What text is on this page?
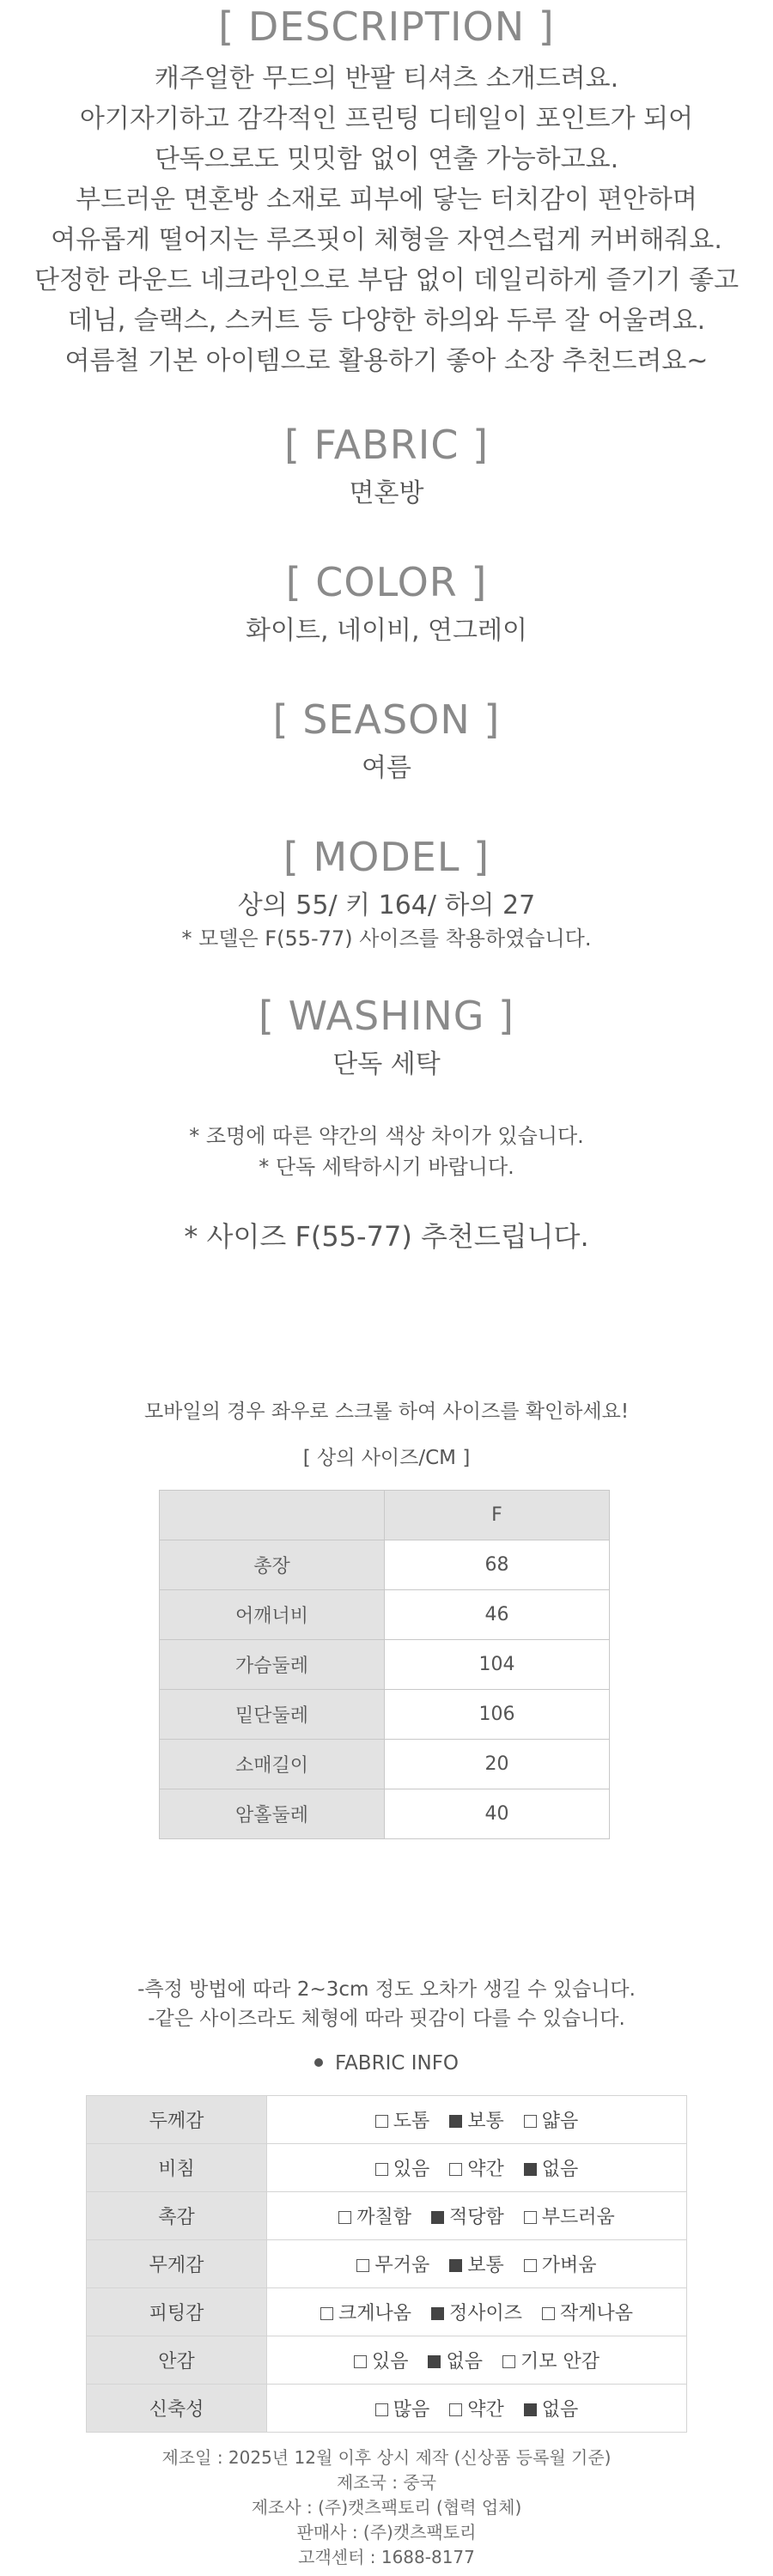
[ DESCRIPTION ]
캐주얼한 무드의 반팔 티셔츠 소개드려요.
아기자기하고 감각적인 프린팅 디테일이 포인트가 되어
단독으로도 밋밋함 없이 연출 가능하고요.
부드러운 면혼방 소재로 피부에 닿는 터치감이 편안하며
여유롭게 떨어지는 루즈핏이 체형을 자연스럽게 커버해줘요.
단정한 라운드 네크라인으로 부담 없이 데일리하게 즐기기 좋고
데님, 슬랙스, 스커트 등 다양한 하의와 두루 잘 어울려요.
여름철 기본 아이템으로 활용하기 좋아 소장 추천드려요~
[ FABRIC ]
면혼방
[ COLOR ]
화이트, 네이비, 연그레이
[ SEASON ]
여름
[ MODEL ]
상의 55/ 키 164/ 하의 27
* 모델은 F(55-77) 사이즈를 착용하였습니다.
[ WASHING ]
단독 세탁
* 조명에 따른 약간의 색상 차이가 있습니다.
* 단독 세탁하시기 바랍니다.
* 사이즈 F(55-77) 추천드립니다.
모바일의 경우 좌우로 스크롤 하여 사이즈를 확인하세요!
[ 상의 사이즈/CM ]
	F
총장	68
어깨너비	46
가슴둘레	104
밑단둘레	106
소매길이	20
암홀둘레	40
-측정 방법에 따라 2~3cm 정도 오차가 생길 수 있습니다.
-같은 사이즈라도 체형에 따라 핏감이 다를 수 있습니다.
FABRIC INFO
두께감	도톰 보통 얇음
비침	있음 약간 없음
촉감	까칠함 적당함 부드러움
무게감	무거움 보통 가벼움
피팅감	크게나옴 정사이즈 작게나옴
안감	있음 없음 기모 안감
신축성	많음 약간 없음
제조일 : 2025년 12월 이후 상시 제작 (신상품 등록월 기준)
제조국 : 중국
제조사 : (주)캣츠팩토리 (협력 업체)
판매사 : (주)캣츠팩토리
고객센터 : 1688-8177
